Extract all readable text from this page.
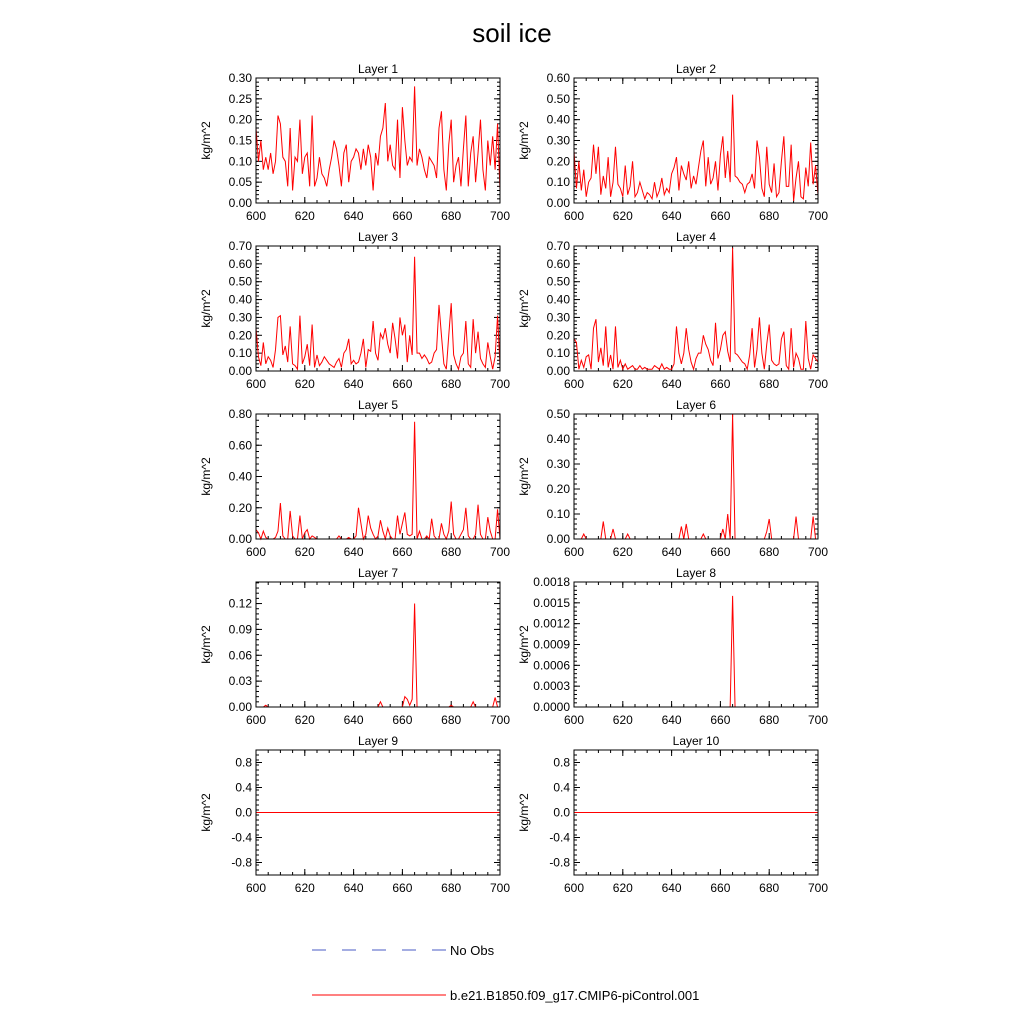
soil ice
Layer 1
600 620 640 660 680 700
0.00
0.05
0.10
0.15
0.20
0.25
0.30
kg/m^2
Layer 2
600 620 640 660 680 700
0.00
0.10
0.20
0.30
0.40
0.50
0.60
kg/m^2
Layer 3
600 620 640 660 680 700
0.00
0.10
0.20
0.30
0.40
0.50
0.60
0.70
kg/m^2
Layer 4
600 620 640 660 680 700
0.00
0.10
0.20
0.30
0.40
0.50
0.60
0.70
kg/m^2
Layer 5
600 620 640 660 680 700
0.00
0.20
0.40
0.60
0.80
kg/m^2
Layer 6
600 620 640 660 680 700
0.00
0.10
0.20
0.30
0.40
0.50
kg/m^2
Layer 7
600 620 640 660 680 700
0.00
0.03
0.06
0.09
0.12
kg/m^2
Layer 8
600 620 640 660 680 700
0.0000
0.0003
0.0006
0.0009
0.0012
0.0015
0.0018
kg/m^2
Layer 9
600 620 640 660 680 700
-0.8
-0.4
0.0
0.4
0.8
kg/m^2
Layer 10
600 620 640 660 680 700
-0.8
-0.4
0.0
0.4
0.8
kg/m^2
No Obs
b.e21.B1850.f09_g17.CMIP6-piControl.001
